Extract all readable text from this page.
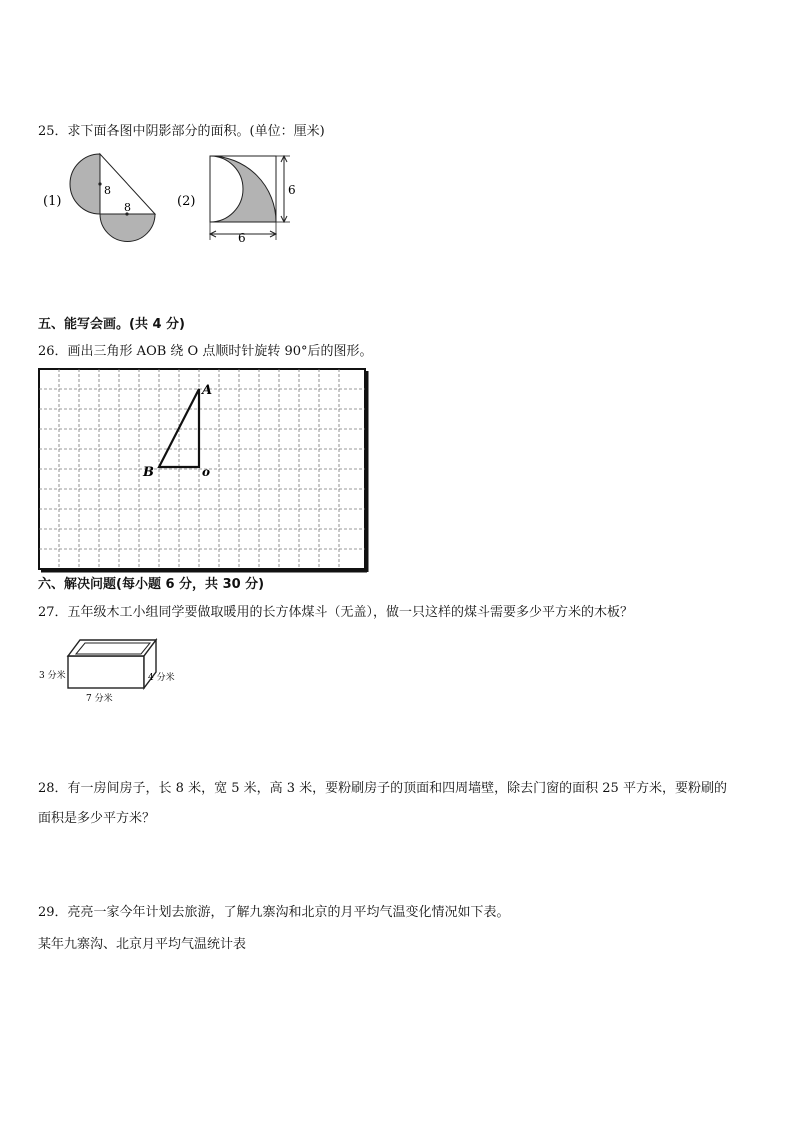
25．求下面各图中阴影部分的面积。(单位：厘米)
(1)
8
8	(2)
6
6
五、能写会画。(共 4 分)
26．画出三角形 AOB 绕 O 点顺时针旋转 90°后的图形。
A
B	o
六、解决问题(每小题 6 分，共 30 分)
27．五年级木工小组同学要做取暖用的长方体煤斗（无盖），做一只这样的煤斗需要多少平方米的木板？
3 分米	4 分米
7 分米
28．有一房间房子，长 8 米，宽 5 米，高 3 米，要粉刷房子的顶面和四周墙壁，除去门窗的面积 25 平方米，要粉刷的
面积是多少平方米？
29．亮亮一家今年计划去旅游，了解九寨沟和北京的月平均气温变化情况如下表。
某年九寨沟、北京月平均气温统计表
